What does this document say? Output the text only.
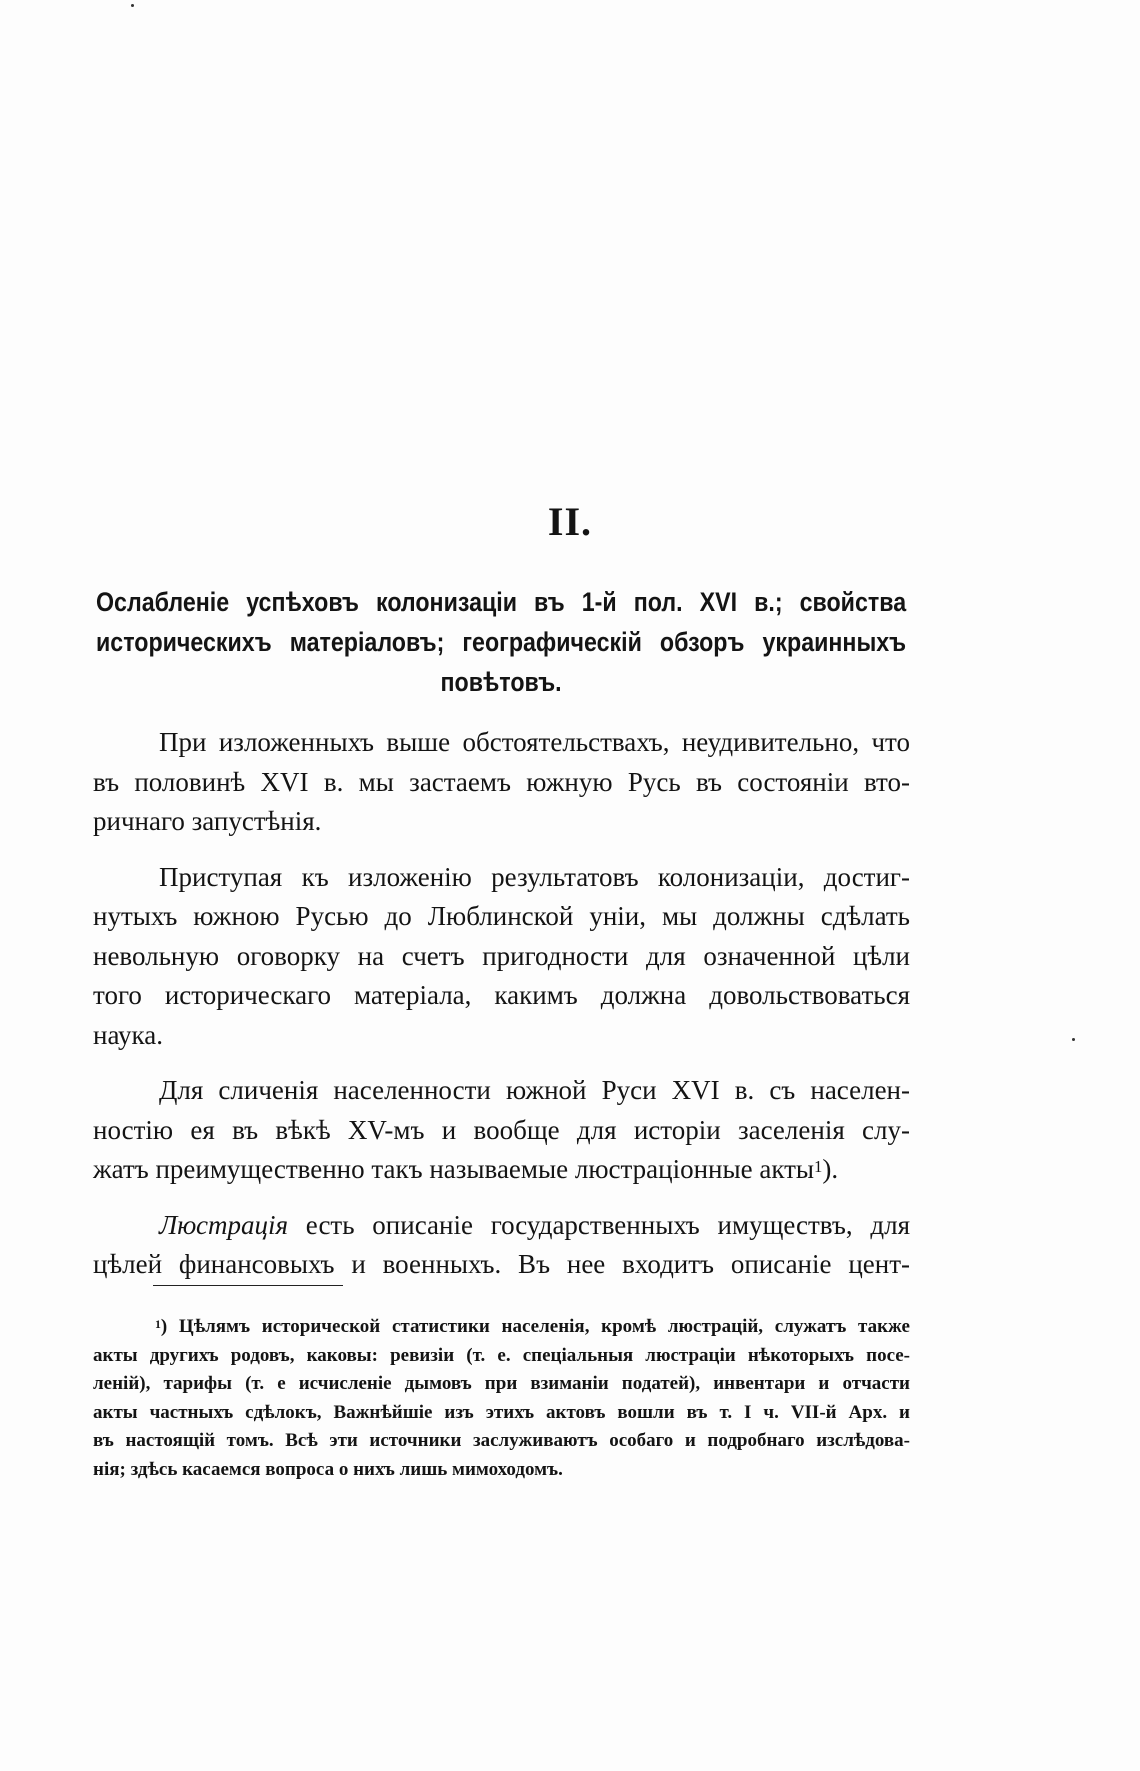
II.
Ослабленіе успѣховъ колонизаціи въ 1-й пол. XVI в.; свойства
историческихъ матеріаловъ; географическій обзоръ украинныхъ
повѣтовъ.
При изложенныхъ выше обстоятельствахъ, неудивительно, что
въ половинѣ XVI в. мы застаемъ южную Русь въ состояніи вто-
ричнаго запустѣнія.
Приступая къ изложенію результатовъ колонизаціи, достиг-
нутыхъ южною Русью до Люблинской уніи, мы должны сдѣлать
невольную оговорку на счетъ пригодности для означенной цѣли
того историческаго матеріала, какимъ должна довольствоваться
наука.
Для сличенія населенности южной Руси XVI в. съ населен-
ностію ея въ вѣкѣ XV-мъ и вообще для исторіи заселенія слу-
жатъ преимущественно такъ называемые люстраціонные акты$^1$).
Люстрація есть описаніе государственныхъ имуществъ, для
цѣлей финансовыхъ и военныхъ. Въ нее входитъ описаніе цент-
$^1$) Цѣлямъ исторической статистики населенія, кромѣ люстрацій, служатъ также
акты другихъ родовъ, каковы: ревизіи (т. е. спеціальныя люстраціи нѣкоторыхъ посе-
леній), тарифы (т. е исчисленіе дымовъ при взиманіи податей), инвентари и отчасти
акты частныхъ сдѣлокъ, Важнѣйшіе изъ этихъ актовъ вошли въ т. I ч. VII-й Арх. и
въ настоящій томъ. Всѣ эти источники заслуживаютъ особаго и подробнаго изслѣдова-
нія; здѣсь касаемся вопроса о нихъ лишь мимоходомъ.
